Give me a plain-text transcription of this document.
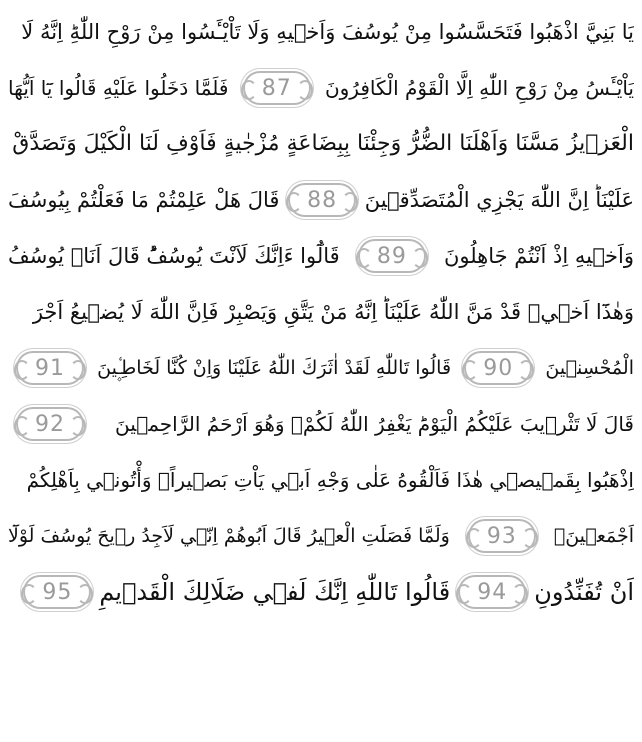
يَا بَنِيَّ اذْهَبُوا فَتَحَسَّسُوا مِنْ يُوسُفَ وَاَخ۪يهِ وَلَا تَاْيْـَٔسُوا مِنْ رَوْحِ اللّٰهِؕ اِنَّهُ لَا
يَاْيْـَٔسُ مِنْ رَوْحِ اللّٰهِ اِلَّا الْقَوْمُ الْكَافِرُونَ
87
فَلَمَّا دَخَلُوا عَلَيْهِ قَالُوا يَٓا اَيُّهَا
الْعَز۪يزُ مَسَّنَا وَاَهْلَنَا الضُّرُّ وَجِئْنَا بِبِضَاعَةٍ مُزْجٰيةٍ فَاَوْفِ لَنَا الْكَيْلَ وَتَصَدَّقْ
عَلَيْنَاؕ اِنَّ اللّٰهَ يَجْزِي الْمُتَصَدِّق۪ينَ
88
قَالَ هَلْ عَلِمْتُمْ مَا فَعَلْتُمْ بِيُوسُفَ
وَاَخ۪يهِ اِذْ اَنْتُمْ جَاهِلُونَ
89
قَالُٓوا ءَاِنَّكَ لَاَنْتَ يُوسُفُؕ قَالَ اَنَا۬ يُوسُفُ
وَهٰذَٓا اَخ۪يۘ قَدْ مَنَّ اللّٰهُ عَلَيْنَاؕ اِنَّهُ مَنْ يَتَّقِ وَيَصْبِرْ فَاِنَّ اللّٰهَ لَا يُض۪يعُ اَجْرَ
الْمُحْسِن۪ينَ
90
قَالُوا تَاللّٰهِ لَقَدْ اٰثَرَكَ اللّٰهُ عَلَيْنَا وَاِنْ كُنَّا لَخَاطِـ۪ٔينَ
91
قَالَ لَا تَثْر۪يبَ عَلَيْكُمُ الْيَوْمَؕ يَغْفِرُ اللّٰهُ لَكُمْؗ وَهُوَ اَرْحَمُ الرَّاحِم۪ينَ
92
اِذْهَبُوا بِقَم۪يص۪ي هٰذَا فَاَلْقُوهُ عَلٰى وَجْهِ اَب۪ي يَاْتِ بَص۪يراًۚ وَأْتُون۪ي بِاَهْلِكُمْ
اَجْمَع۪ينَ۟
93
وَلَمَّا فَصَلَتِ الْع۪يرُ قَالَ اَبُوهُمْ اِنّ۪ي لَاَجِدُ ر۪يحَ يُوسُفَ لَوْلَٓا
اَنْ تُفَنِّدُونِ
94
قَالُوا تَاللّٰهِ اِنَّكَ لَف۪ي ضَلَالِكَ الْقَد۪يمِ
95
